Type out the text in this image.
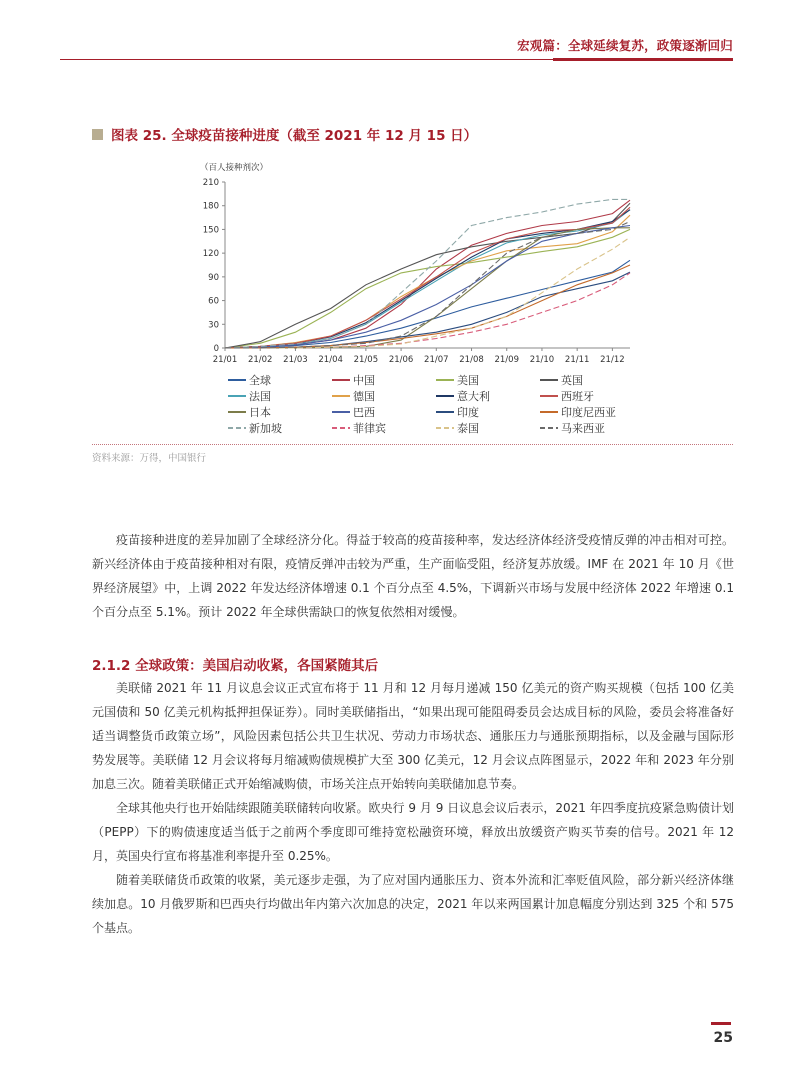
宏观篇：全球延续复苏，政策逐渐回归
图表 25. 全球疫苗接种进度（截至 2021 年 12 月 15 日）
（百人接种剂次）
0
30
60
90
120
150
180
210
21/01 21/02 21/03 21/04 21/05 21/06 21/07 21/08 21/09 21/10 21/11 21/12
全球	中国	美国	英国
法国	德国	意大利	西班牙
日本	巴西	印度	印度尼西亚
新加坡	菲律宾	泰国	马来西亚
资料来源：万得，中国银行
疫苗接种进度的差异加剧了全球经济分化。得益于较高的疫苗接种率，发达经济体经济受疫情反弹的冲击相对可控。新兴经济体由于疫苗接种相对有限，疫情反弹冲击较为严重，生产面临受阻，经济复苏放缓。IMF 在 2021 年 10 月《世界经济展望》中，上调 2022 年发达经济体增速 0.1 个百分点至 4.5%，下调新兴市场与发展中经济体 2022 年增速 0.1 个百分点至 5.1%。预计 2022 年全球供需缺口的恢复依然相对缓慢。
2.1.2 全球政策：美国启动收紧，各国紧随其后
美联储 2021 年 11 月议息会议正式宣布将于 11 月和 12 月每月递减 150 亿美元的资产购买规模（包括 100 亿美元国债和 50 亿美元机构抵押担保证券）。同时美联储指出，“如果出现可能阻碍委员会达成目标的风险，委员会将准备好适当调整货币政策立场”，风险因素包括公共卫生状况、劳动力市场状态、通胀压力与通胀预期指标，以及金融与国际形势发展等。美联储 12 月会议将每月缩减购债规模扩大至 300 亿美元，12 月会议点阵图显示，2022 年和 2023 年分别加息三次。随着美联储正式开始缩减购债，市场关注点开始转向美联储加息节奏。
全球其他央行也开始陆续跟随美联储转向收紧。欧央行 9 月 9 日议息会议后表示，2021 年四季度抗疫紧急购债计划（PEPP）下的购债速度适当低于之前两个季度即可维持宽松融资环境，释放出放缓资产购买节奏的信号。2021 年 12 月，英国央行宣布将基准利率提升至 0.25%。
随着美联储货币政策的收紧，美元逐步走强，为了应对国内通胀压力、资本外流和汇率贬值风险，部分新兴经济体继续加息。10 月俄罗斯和巴西央行均做出年内第六次加息的决定，2021 年以来两国累计加息幅度分别达到 325 个和 575 个基点。
25
